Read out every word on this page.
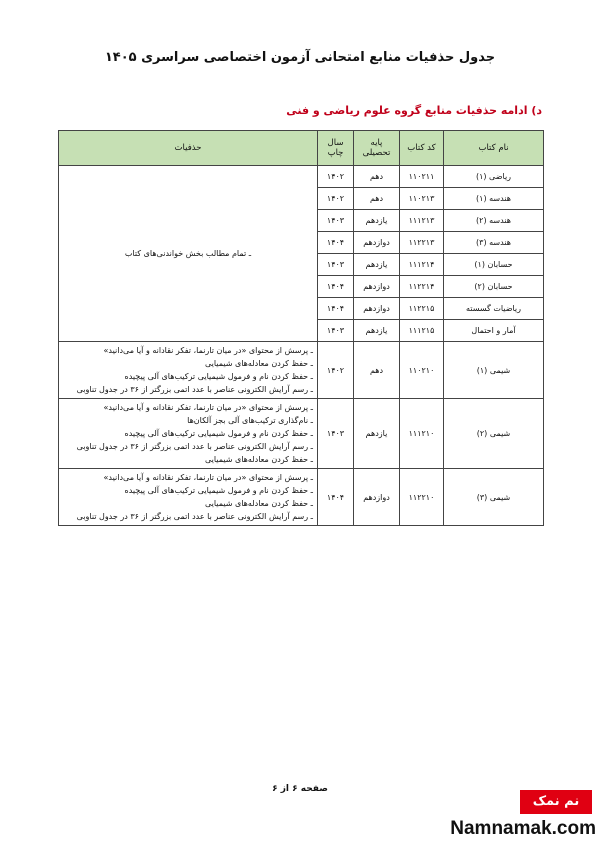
جدول حذفیات منابع امتحانی آزمون اختصاصی سراسری ۱۴۰۵
د) ادامه حذفیات منابع گروه علوم ریاضی و فنی
نام کتاب	کد کتاب	پایه تحصیلی	سال چاپ	حذفیات
ریاضی (۱)	۱۱۰۲۱۱	دهم	۱۴۰۲	ـ تمام مطالب بخش خواندنی‌های کتاب
هندسه (۱)	۱۱۰۲۱۳	دهم	۱۴۰۲	
هندسه (۲)	۱۱۱۲۱۳	یازدهم	۱۴۰۳	
هندسه (۳)	۱۱۲۲۱۳	دوازدهم	۱۴۰۴	
حسابان (۱)	۱۱۱۲۱۴	یازدهم	۱۴۰۳	
حسابان (۲)	۱۱۲۲۱۴	دوازدهم	۱۴۰۴	
ریاضیات گسسته	۱۱۲۲۱۵	دوازدهم	۱۴۰۴	
آمار و احتمال	۱۱۱۲۱۵	یازدهم	۱۴۰۳	
شیمی (۱)	۱۱۰۲۱۰	دهم	۱۴۰۲	ـ پرسش از محتوای «در میان تارنما، تفکر نقادانه و آیا می‌دانید»
ـ حفظ کردن معادله‌های شیمیایی
ـ حفظ کردن نام و فرمول شیمیایی ترکیب‌های آلی پیچیده
ـ رسم آرایش الکترونی عناصر با عدد اتمی بزرگتر از ۳۶ در جدول تناوبی

شیمی (۲)	۱۱۱۲۱۰	یازدهم	۱۴۰۳	ـ پرسش از محتوای «در میان تارنما، تفکر نقادانه و آیا می‌دانید»
ـ نام‌گذاری ترکیب‌های آلی بجز آلکان‌ها
ـ حفظ کردن نام و فرمول شیمیایی ترکیب‌های آلی پیچیده
ـ رسم آرایش الکترونی عناصر با عدد اتمی بزرگتر از ۳۶ در جدول تناوبی
ـ حفظ کردن معادله‌های شیمیایی

شیمی (۳)	۱۱۲۲۱۰	دوازدهم	۱۴۰۴	ـ پرسش از محتوای «در میان تارنما، تفکر نقادانه و آیا می‌دانید»
ـ حفظ کردن نام و فرمول شیمیایی ترکیب‌های آلی پیچیده
ـ حفظ کردن معادله‌های شیمیایی
ـ رسم آرایش الکترونی عناصر با عدد اتمی بزرگتر از ۳۶ در جدول تناوبی
صفحه ۶ از ۶
نم نمک
Namnamak.com
